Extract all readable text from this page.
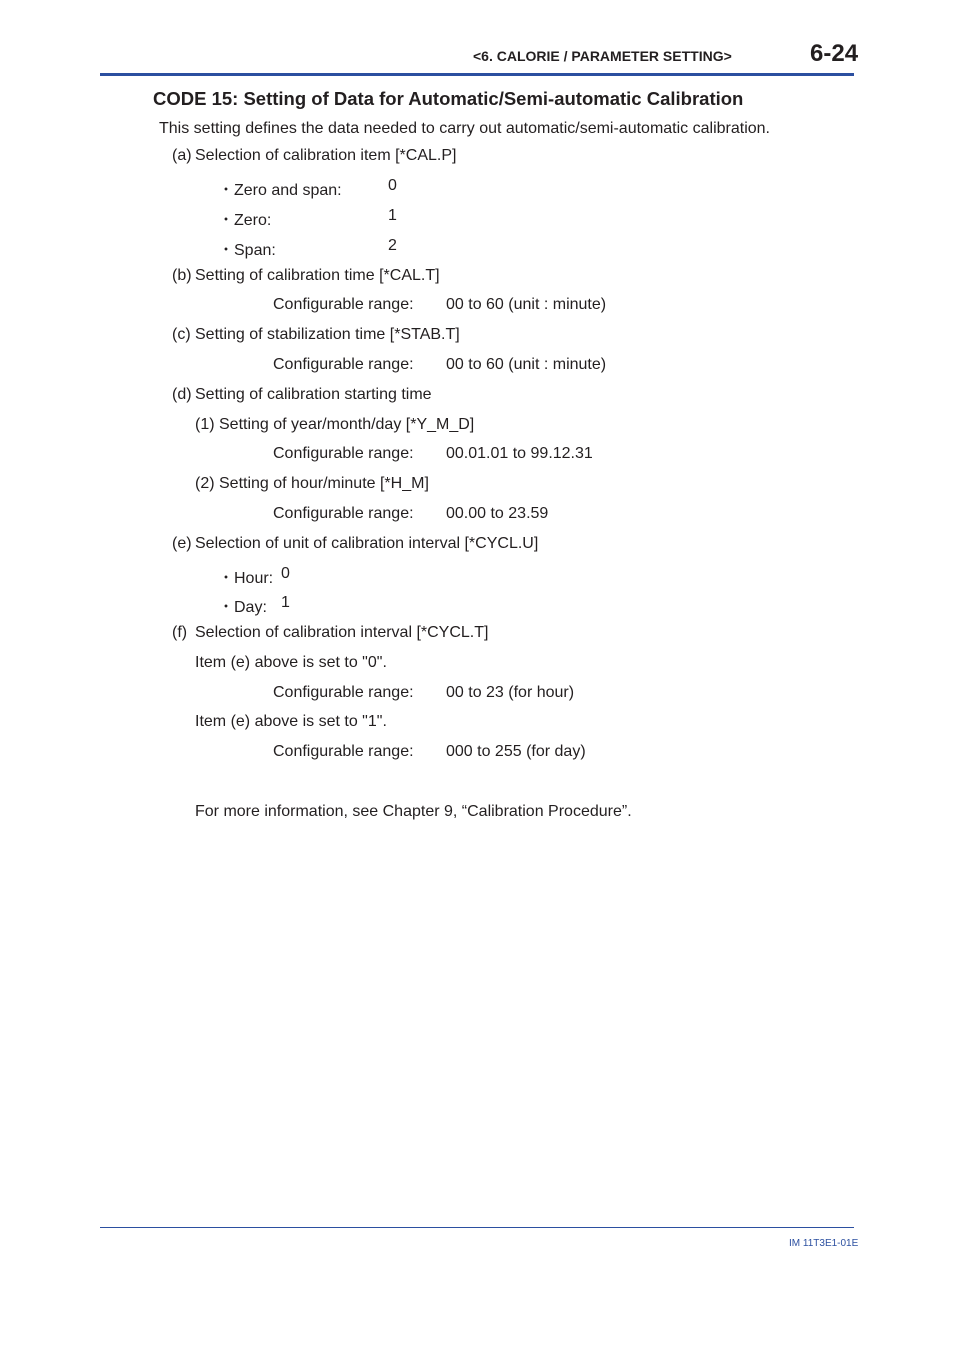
<6. CALORIE / PARAMETER SETTING>	6-24
CODE 15: Setting of Data for Automatic/Semi-automatic Calibration
This setting defines the data needed to carry out automatic/semi-automatic calibration.
(a) Selection of calibration item [*CAL.P]
・Zero and span:	0
・Zero:	1
・Span:	2
(b) Setting of calibration time [*CAL.T]
Configurable range: 00 to 60 (unit : minute)
(c) Setting of stabilization time [*STAB.T]
Configurable range: 00 to 60 (unit : minute)
(d) Setting of calibration starting time
(1) Setting of year/month/day [*Y_M_D]
Configurable range: 00.01.01 to 99.12.31
(2) Setting of hour/minute [*H_M]
Configurable range: 00.00 to 23.59
(e) Selection of unit of calibration interval [*CYCL.U]
・Hour: 0
・Day: 1
(f) Selection of calibration interval [*CYCL.T]
Item (e) above is set to "0".
Configurable range: 00 to 23 (for hour)
Item (e) above is set to "1".
Configurable range: 000 to 255 (for day)
For more information, see Chapter 9, “Calibration Procedure”.
IM 11T3E1-01E
